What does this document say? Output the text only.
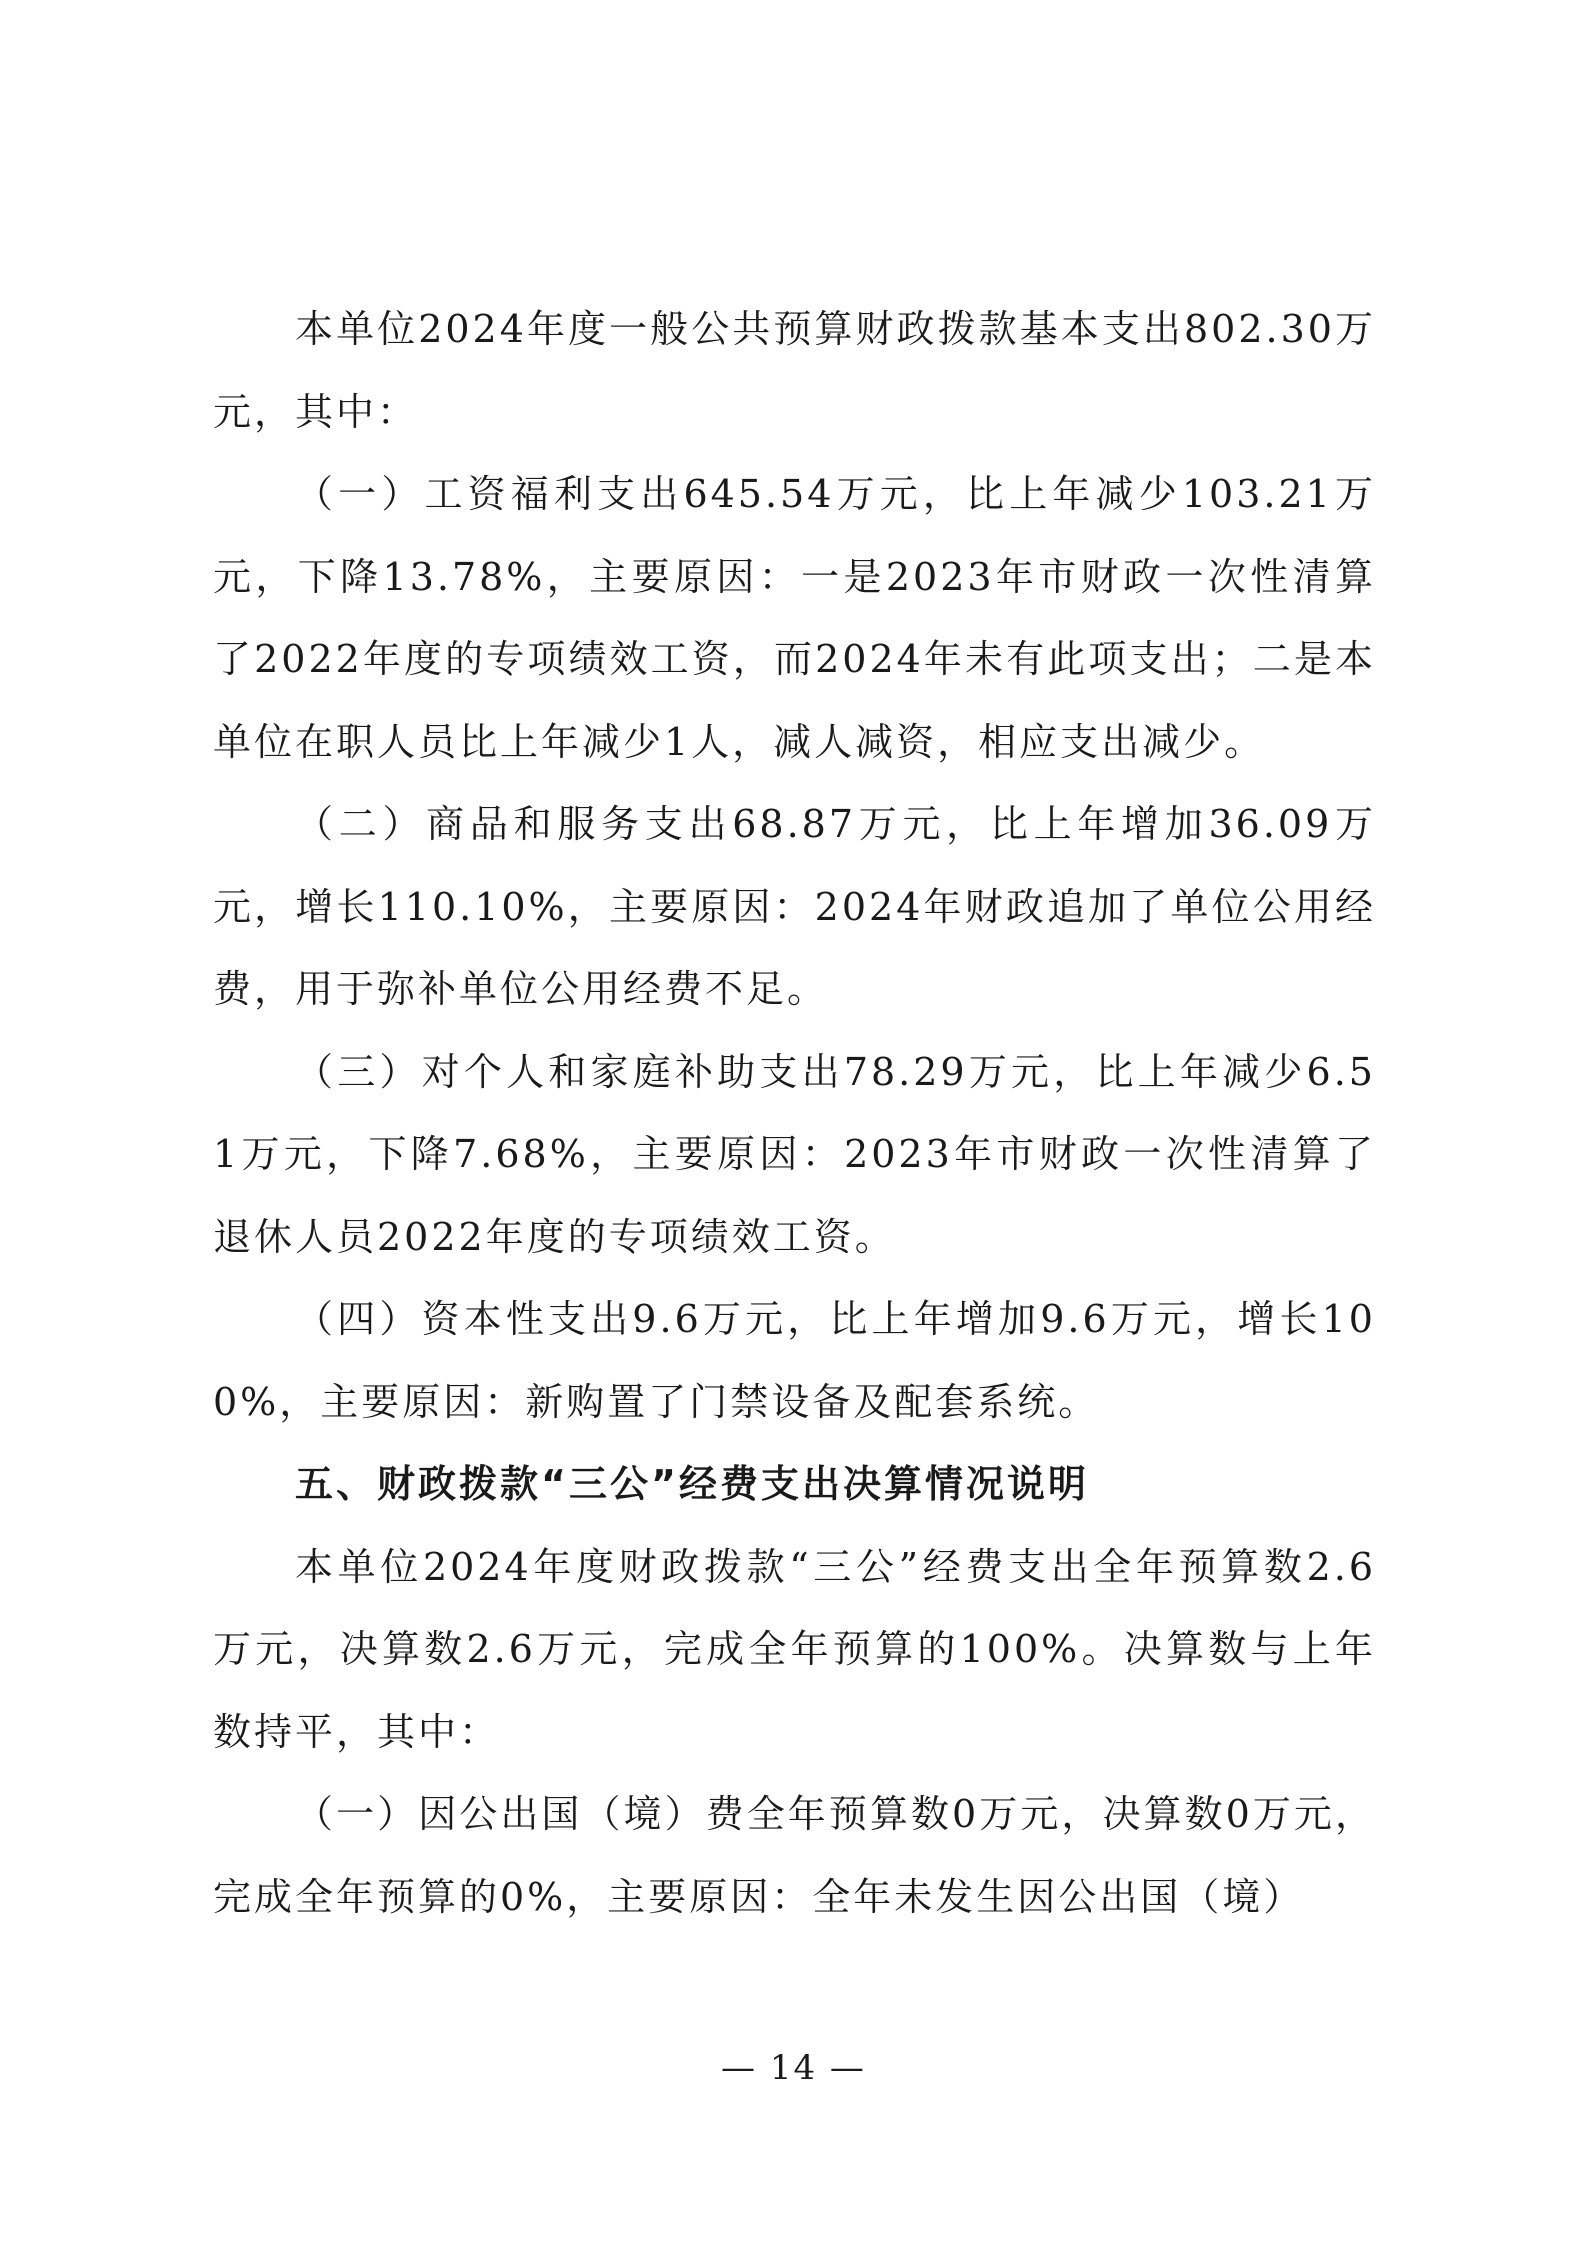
本单位2024年度一般公共预算财政拨款基本支出802.30万元，其中：

（一）工资福利支出645.54万元，比上年减少103.21万元，下降13.78%，主要原因：一是2023年市财政一次性清算了2022年度的专项绩效工资，而2024年未有此项支出；二是本单位在职人员比上年减少1人，减人减资，相应支出减少。

（二）商品和服务支出68.87万元，比上年增加36.09万元，增长110.10%，主要原因：2024年财政追加了单位公用经费，用于弥补单位公用经费不足。

（三）对个人和家庭补助支出78.29万元，比上年减少6.51万元，下降7.68%，主要原因：2023年市财政一次性清算了退休人员2022年度的专项绩效工资。

（四）资本性支出9.6万元，比上年增加9.6万元，增长100%，主要原因：新购置了门禁设备及配套系统。

五、财政拨款“三公”经费支出决算情况说明

本单位2024年度财政拨款“三公”经费支出全年预算数2.6万元，决算数2.6万元，完成全年预算的100%。决算数与上年数持平，其中：

（一）因公出国（境）费全年预算数0万元，决算数0万元，完成全年预算的0%，主要原因：全年未发生因公出国（境）

— 14 —
